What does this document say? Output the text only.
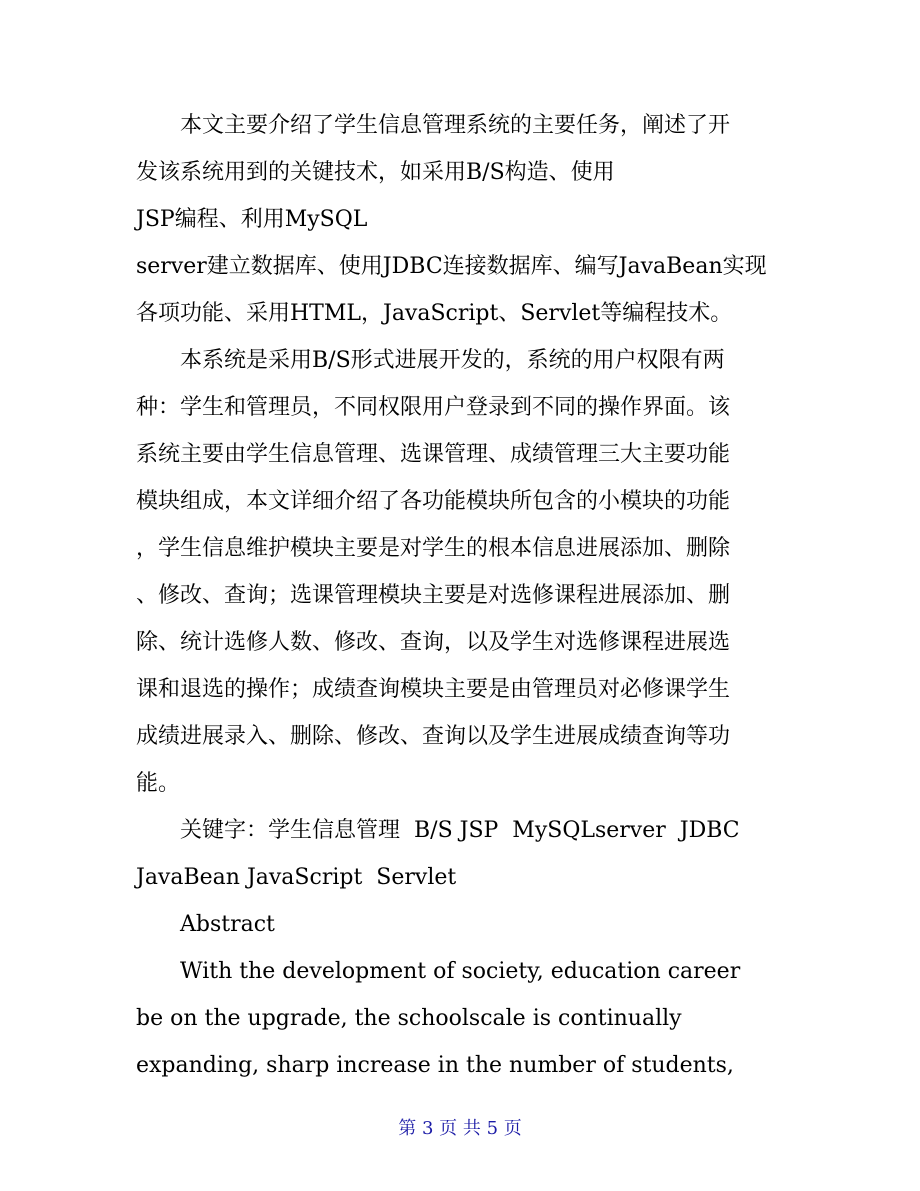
本文主要介绍了学生信息管理系统的主要任务，阐述了开
发该系统用到的关键技术，如采用B/S构造、使用
JSP编程、利用MySQL
server建立数据库、使用JDBC连接数据库、编写JavaBean实现
各项功能、采用HTML，JavaScript、Servlet等编程技术。
本系统是采用B/S形式进展开发的，系统的用户权限有两
种：学生和管理员，不同权限用户登录到不同的操作界面。该
系统主要由学生信息管理、选课管理、成绩管理三大主要功能
模块组成，本文详细介绍了各功能模块所包含的小模块的功能
，学生信息维护模块主要是对学生的根本信息进展添加、删除
、修改、查询；选课管理模块主要是对选修课程进展添加、删
除、统计选修人数、修改、查询，以及学生对选修课程进展选
课和退选的操作；成绩查询模块主要是由管理员对必修课学生
成绩进展录入、删除、修改、查询以及学生进展成绩查询等功
能。
关键字：学生信息管理  B/S JSP  MySQLserver  JDBC
JavaBean JavaScript  Servlet
Abstract
With the development of society, education career
be on the upgrade, the schoolscale is continually
expanding, sharp increase in the number of students,
第 3 页 共 5 页
